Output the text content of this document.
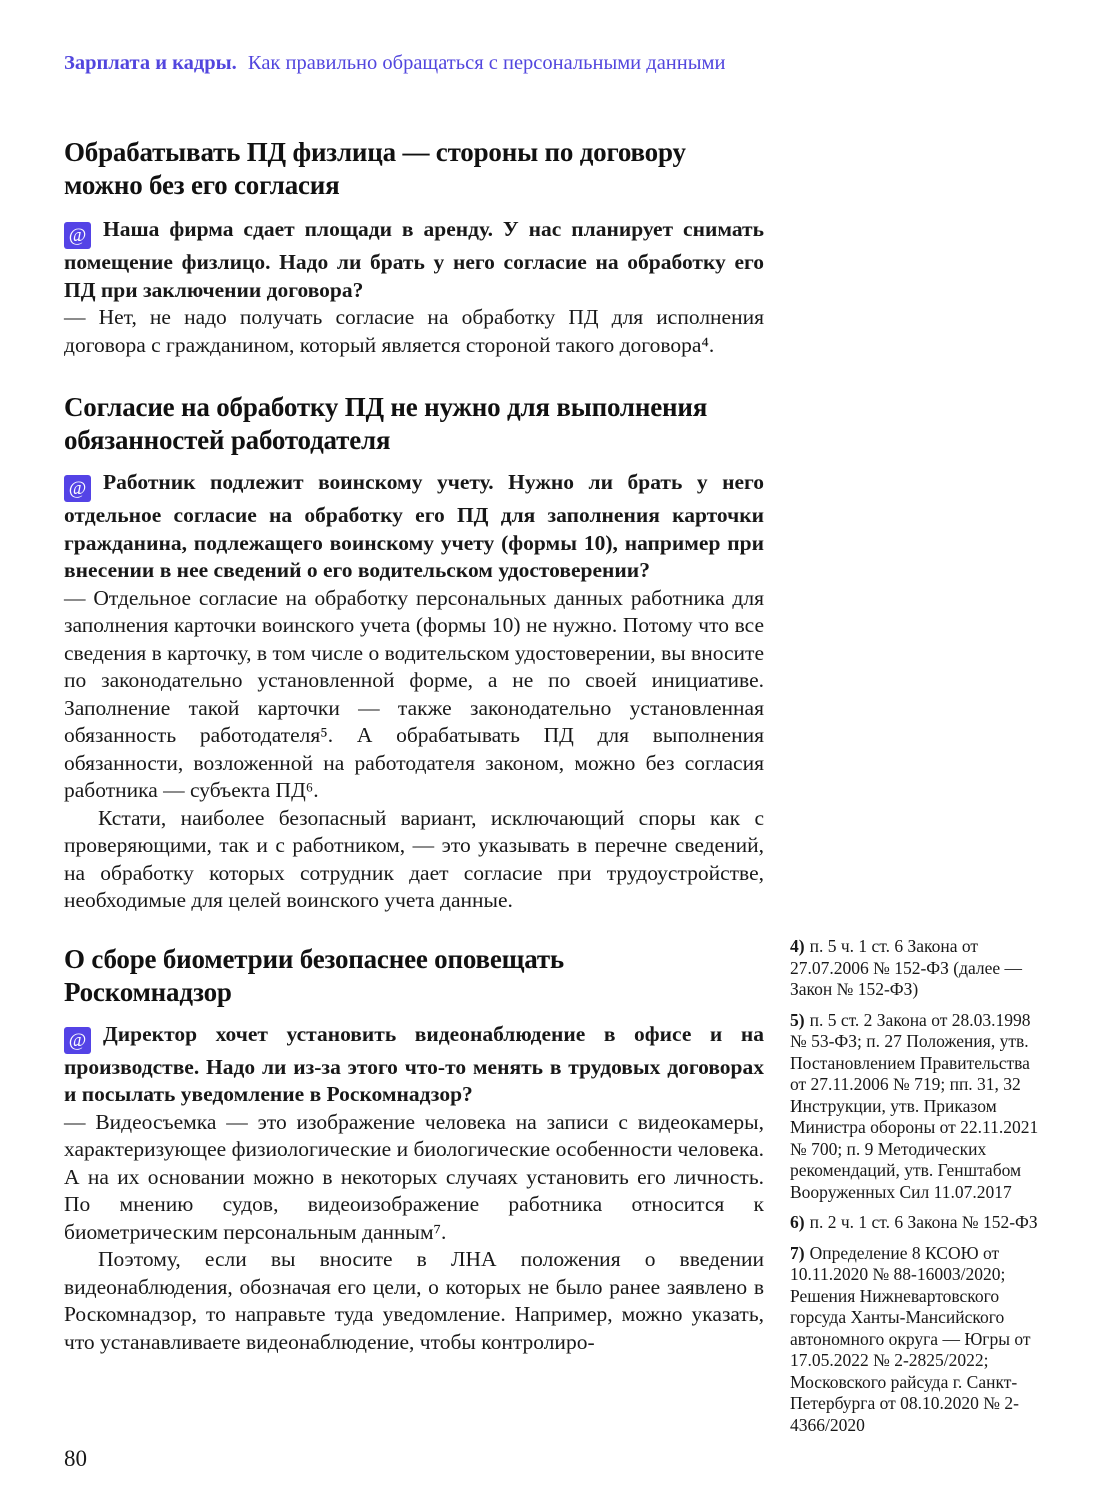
Зарплата и кадры. Как правильно обращаться с персональными данными
Обрабатывать ПД физлица — стороны по договору можно без его согласия

@ Наша фирма сдает площади в аренду. У нас планирует снимать помещение физлицо. Надо ли брать у него согласие на обработку его ПД при заключении договора?

— Нет, не надо получать согласие на обработку ПД для исполнения договора с гражданином, который является стороной такого договора⁴.

Согласие на обработку ПД не нужно для выполнения обязанностей работодателя

@ Работник подлежит воинскому учету. Нужно ли брать у него отдельное согласие на обработку его ПД для заполнения карточки гражданина, подлежащего воинскому учету (формы 10), например при внесении в нее сведений о его водительском удостоверении?

— Отдельное согласие на обработку персональных данных работника для заполнения карточки воинского учета (формы 10) не нужно. Потому что все сведения в карточку, в том числе о водительском удостоверении, вы вносите по законодательно установленной форме, а не по своей инициативе. Заполнение такой карточки — также законодательно установленная обязанность работодателя⁵. А обрабатывать ПД для выполнения обязанности, возложенной на работодателя законом, можно без согласия работника — субъекта ПД⁶.

Кстати, наиболее безопасный вариант, исключающий споры как с проверяющими, так и с работником, — это указывать в перечне сведений, на обработку которых сотрудник дает согласие при трудоустройстве, необходимые для целей воинского учета данные.

О сборе биометрии безопаснее оповещать Роскомнадзор

@ Директор хочет установить видеонаблюдение в офисе и на производстве. Надо ли из-за этого что-то менять в трудовых договорах и посылать уведомление в Роскомнадзор?

— Видеосъемка — это изображение человека на записи с видеокамеры, характеризующее физиологические и биологические особенности человека. А на их основании можно в некоторых случаях установить его личность. По мнению судов, видеоизображение работника относится к биометрическим персональным данным⁷.

Поэтому, если вы вносите в ЛНА положения о введении видеонаблюдения, обозначая его цели, о которых не было ранее заявлено в Роскомнадзор, то направьте туда уведомление. Например, можно указать, что устанавливаете видеонаблюдение, чтобы контролиро-

4) п. 5 ч. 1 ст. 6 Закона от 27.07.2006 № 152-ФЗ (далее — Закон № 152-ФЗ)

5) п. 5 ст. 2 Закона от 28.03.1998 № 53-ФЗ; п. 27 Положения, утв. Постановлением Правительства от 27.11.2006 № 719; пп. 31, 32 Инструкции, утв. Приказом Министра обороны от 22.11.2021 № 700; п. 9 Методических рекомендаций, утв. Генштабом Вооруженных Сил 11.07.2017

6) п. 2 ч. 1 ст. 6 Закона № 152-ФЗ

7) Определение 8 КСОЮ от 10.11.2020 № 88-16003/2020; Решения Нижневартовского горсуда Ханты-Мансийского автономного округа — Югры от 17.05.2022 № 2-2825/2022; Московского райсуда г. Санкт-Петербурга от 08.10.2020 № 2-4366/2020

80
